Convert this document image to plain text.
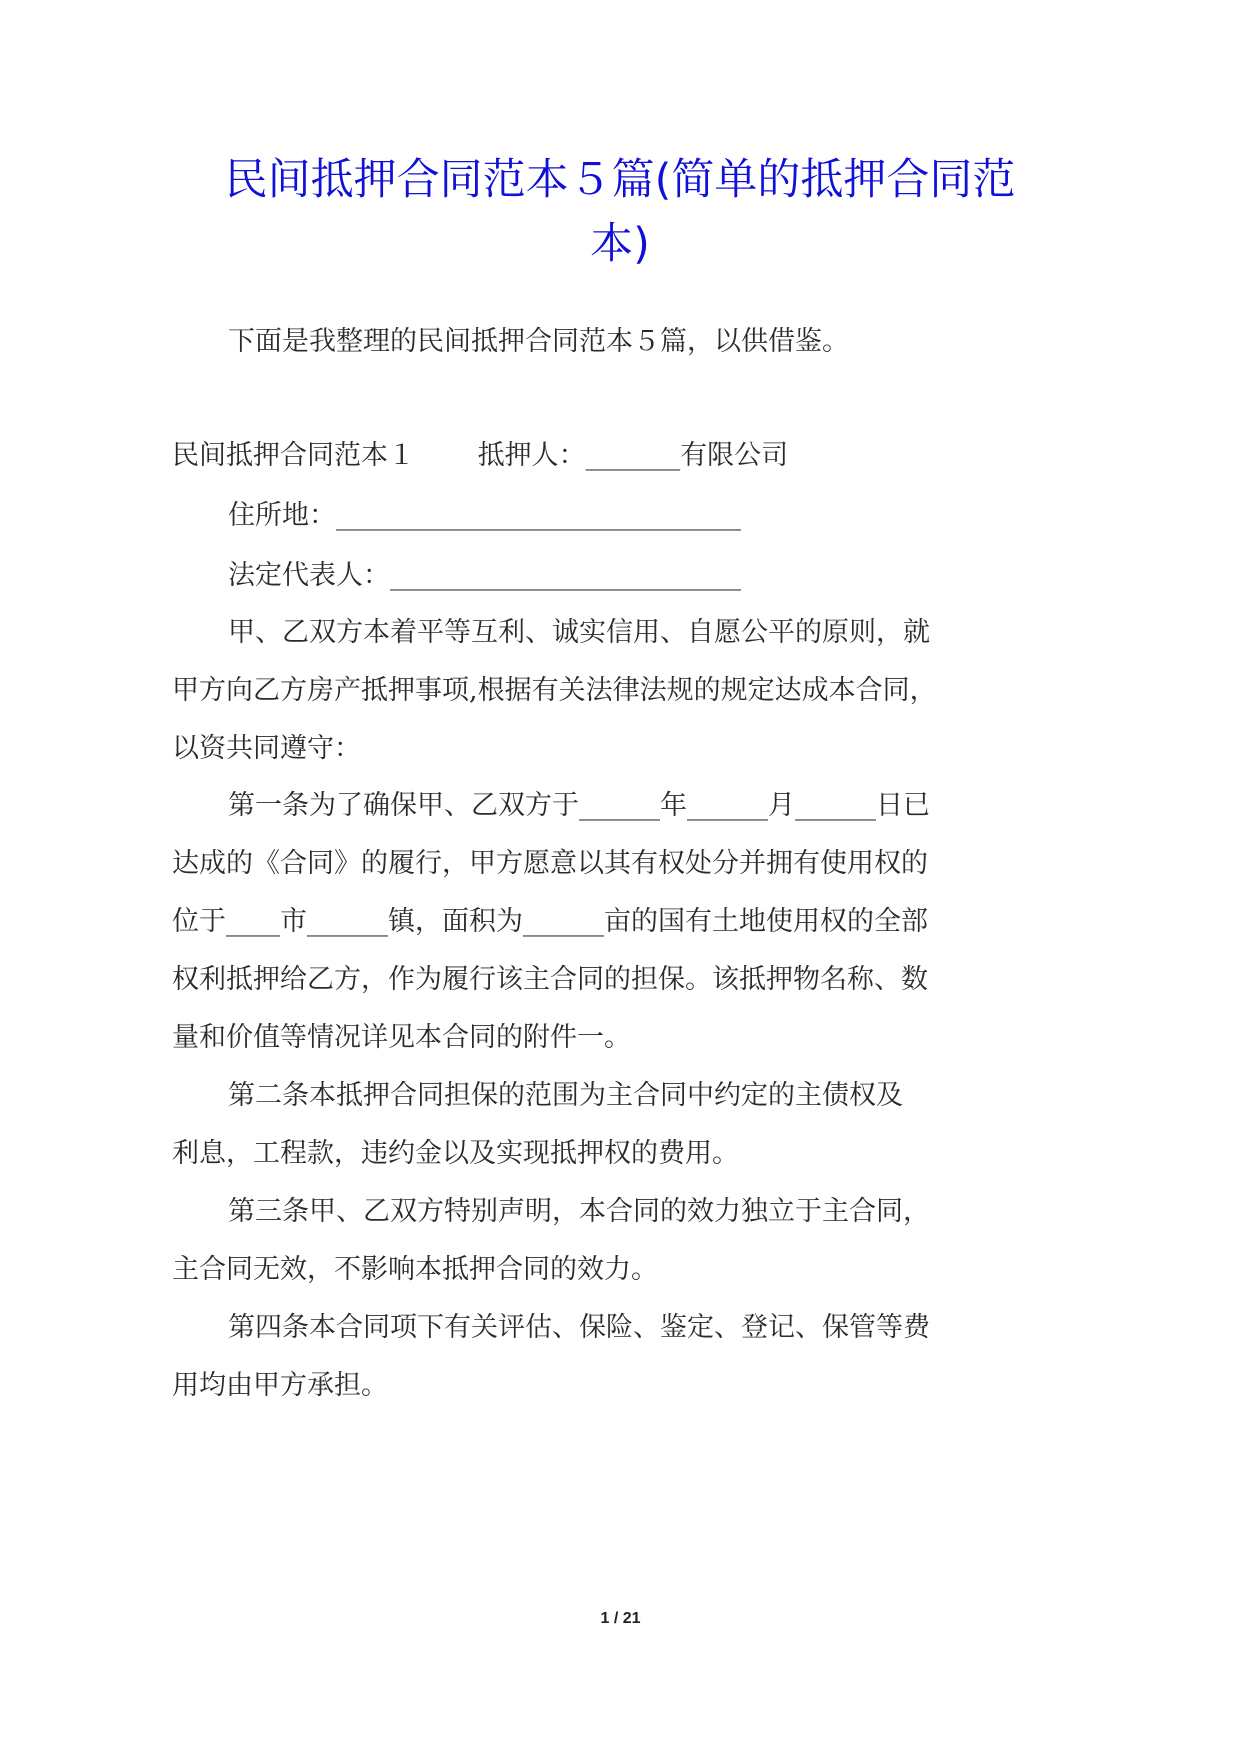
民间抵押合同范本５篇(简单的抵押合同范
本)

下面是我整理的民间抵押合同范本５篇，以供借鉴。

民间抵押合同范本１　　 抵押人：_______有限公司

住所地：______________________________

法定代表人：__________________________

甲、乙双方本着平等互利、诚实信用、自愿公平的原则，就

甲方向乙方房产抵押事项,根据有关法律法规的规定达成本合同，

以资共同遵守：

第一条为了确保甲、乙双方于______年______月______日已

达成的《合同》的履行，甲方愿意以其有权处分并拥有使用权的

位于____市______镇，面积为______亩的国有土地使用权的全部

权利抵押给乙方，作为履行该主合同的担保。该抵押物名称、数

量和价值等情况详见本合同的附件一。

第二条本抵押合同担保的范围为主合同中约定的主债权及

利息，工程款，违约金以及实现抵押权的费用。

第三条甲、乙双方特别声明，本合同的效力独立于主合同，

主合同无效，不影响本抵押合同的效力。

第四条本合同项下有关评估、保险、鉴定、登记、保管等费

用均由甲方承担。

1 / 21
